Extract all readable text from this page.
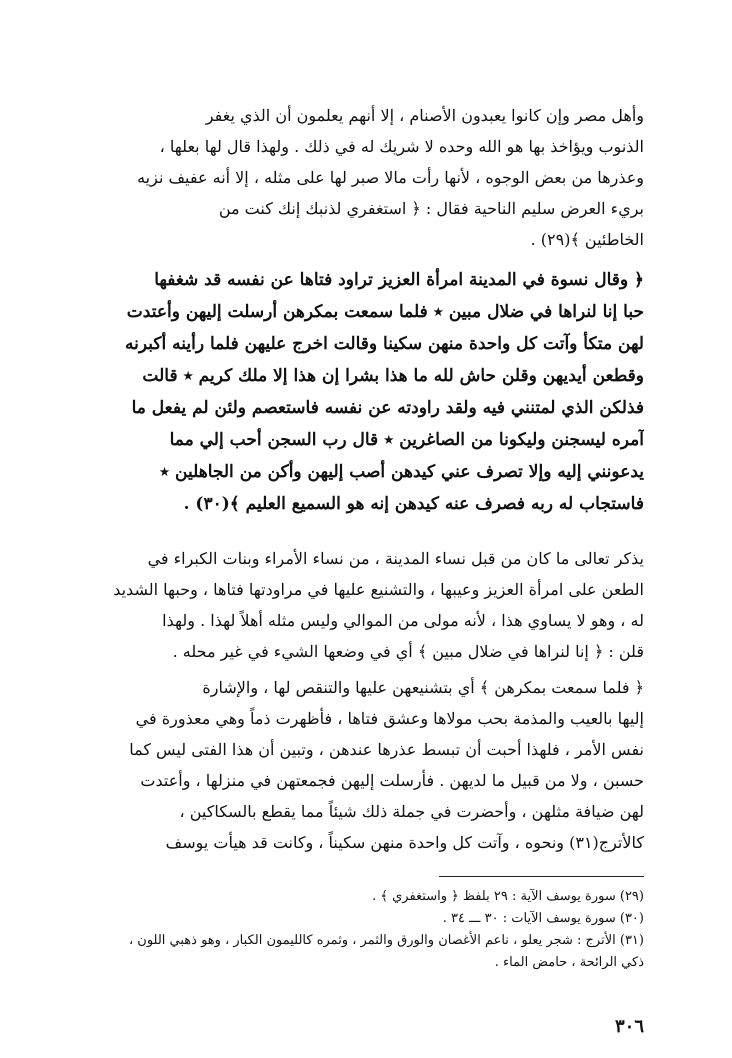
وأهل مصر وإن كانوا يعبدون الأصنام ، إلا أنهم يعلمون أن الذي يغفر

الذنوب ويؤاخذ بها هو الله وحده لا شريك له في ذلك . ولهذا قال لها بعلها ،

وعذرها من بعض الوجوه ، لأنها رأت مالا صبر لها على مثله ، إلا أنه عفيف نزيه

بريء العرض سليم الناحية فقال : ﴿ استغفري لذنبك إنك كنت من

الخاطئين ﴾(٢٩) .

﴿ وقال نسوة في المدينة امرأة العزيز تراود فتاها عن نفسه قد شغفها

حبا إنا لنراها في ضلال مبين ٭ فلما سمعت بمكرهن أرسلت إليهن وأعتدت

لهن متكأ وآتت كل واحدة منهن سكينا وقالت اخرج عليهن فلما رأينه أكبرنه

وقطعن أيديهن وقلن حاش لله ما هذا بشرا إن هذا إلا ملك كريم ٭ قالت

فذلكن الذي لمتنني فيه ولقد راودته عن نفسه فاستعصم ولئن لم يفعل ما

آمره ليسجنن وليكونا من الصاغرين ٭ قال رب السجن أحب إلي مما

يدعونني إليه وإلا تصرف عني كيدهن أصب إليهن وأكن من الجاهلين ٭

فاستجاب له ربه فصرف عنه كيدهن إنه هو السميع العليم ﴾(٣٠) .

يذكر تعالى ما كان من قبل نساء المدينة ، من نساء الأمراء وبنات الكبراء في

الطعن على امرأة العزيز وعيبها ، والتشنيع عليها في مراودتها فتاها ، وحبها الشديد

له ، وهو لا يساوي هذا ، لأنه مولى من الموالي وليس مثله أهلاً لهذا . ولهذا

قلن : ﴿ إنا لنراها في ضلال مبين ﴾ أي في وضعها الشيء في غير محله .

﴿ فلما سمعت بمكرهن ﴾ أي بتشنيعهن عليها والتنقص لها ، والإشارة

إليها بالعيب والمذمة بحب مولاها وعشق فتاها ، فأظهرت ذماً وهي معذورة في

نفس الأمر ، فلهذا أحبت أن تبسط عذرها عندهن ، وتبين أن هذا الفتى ليس كما

حسبن ، ولا من قبيل ما لديهن . فأرسلت إليهن فجمعتهن في منزلها ، وأعتدت

لهن ضيافة مثلهن ، وأحضرت في جملة ذلك شيئاً مما يقطع بالسكاكين ،

كالأترج(٣١) ونحوه ، وآتت كل واحدة منهن سكيناً ، وكانت قد هيأت يوسف

(٢٩) سورة يوسف الآية : ٢٩ بلفظ ﴿ واستغفري ﴾ .

(٣٠) سورة يوسف الآيات : ٣٠ ـــ ٣٤ .

(٣١) الأترج : شجر يعلو ، ناعم الأغصان والورق والثمر ، وثمره كالليمون الكبار ، وهو ذهبي اللون ،

ذكي الرائحة ، حامض الماء .

٣٠٦
